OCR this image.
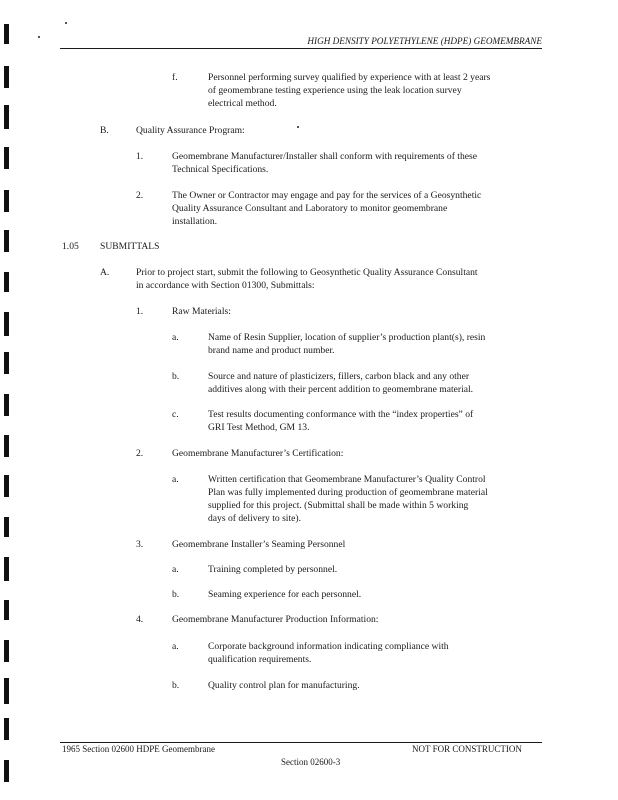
HIGH DENSITY POLYETHYLENE (HDPE) GEOMEMBRANE
f.	Personnel performing survey qualified by experience with at least 2 years
of geomembrane testing experience using the leak location survey
electrical method.
B.	Quality Assurance Program:
1.	Geomembrane Manufacturer/Installer shall conform with requirements of these
Technical Specifications.
2.	The Owner or Contractor may engage and pay for the services of a Geosynthetic
Quality Assurance Consultant and Laboratory to monitor geomembrane
installation.
1.05 SUBMITTALS
A.	Prior to project start, submit the following to Geosynthetic Quality Assurance Consultant
in accordance with Section 01300, Submittals:
1.	Raw Materials:
a.	Name of Resin Supplier, location of supplier’s production plant(s), resin
brand name and product number.
b.	Source and nature of plasticizers, fillers, carbon black and any other
additives along with their percent addition to geomembrane material.
c.	Test results documenting conformance with the “index properties” of
GRI Test Method, GM 13.
2.	Geomembrane Manufacturer’s Certification:
a.	Written certification that Geomembrane Manufacturer’s Quality Control
Plan was fully implemented during production of geomembrane material
supplied for this project. (Submittal shall be made within 5 working
days of delivery to site).
3.	Geomembrane Installer’s Seaming Personnel
a.	Training completed by personnel.
b.	Seaming experience for each personnel.
4.	Geomembrane Manufacturer Production Information:
a.	Corporate background information indicating compliance with
qualification requirements.
b.	Quality control plan for manufacturing.
1965 Section 02600 HDPE Geomembrane	NOT FOR CONSTRUCTION
Section 02600-3
